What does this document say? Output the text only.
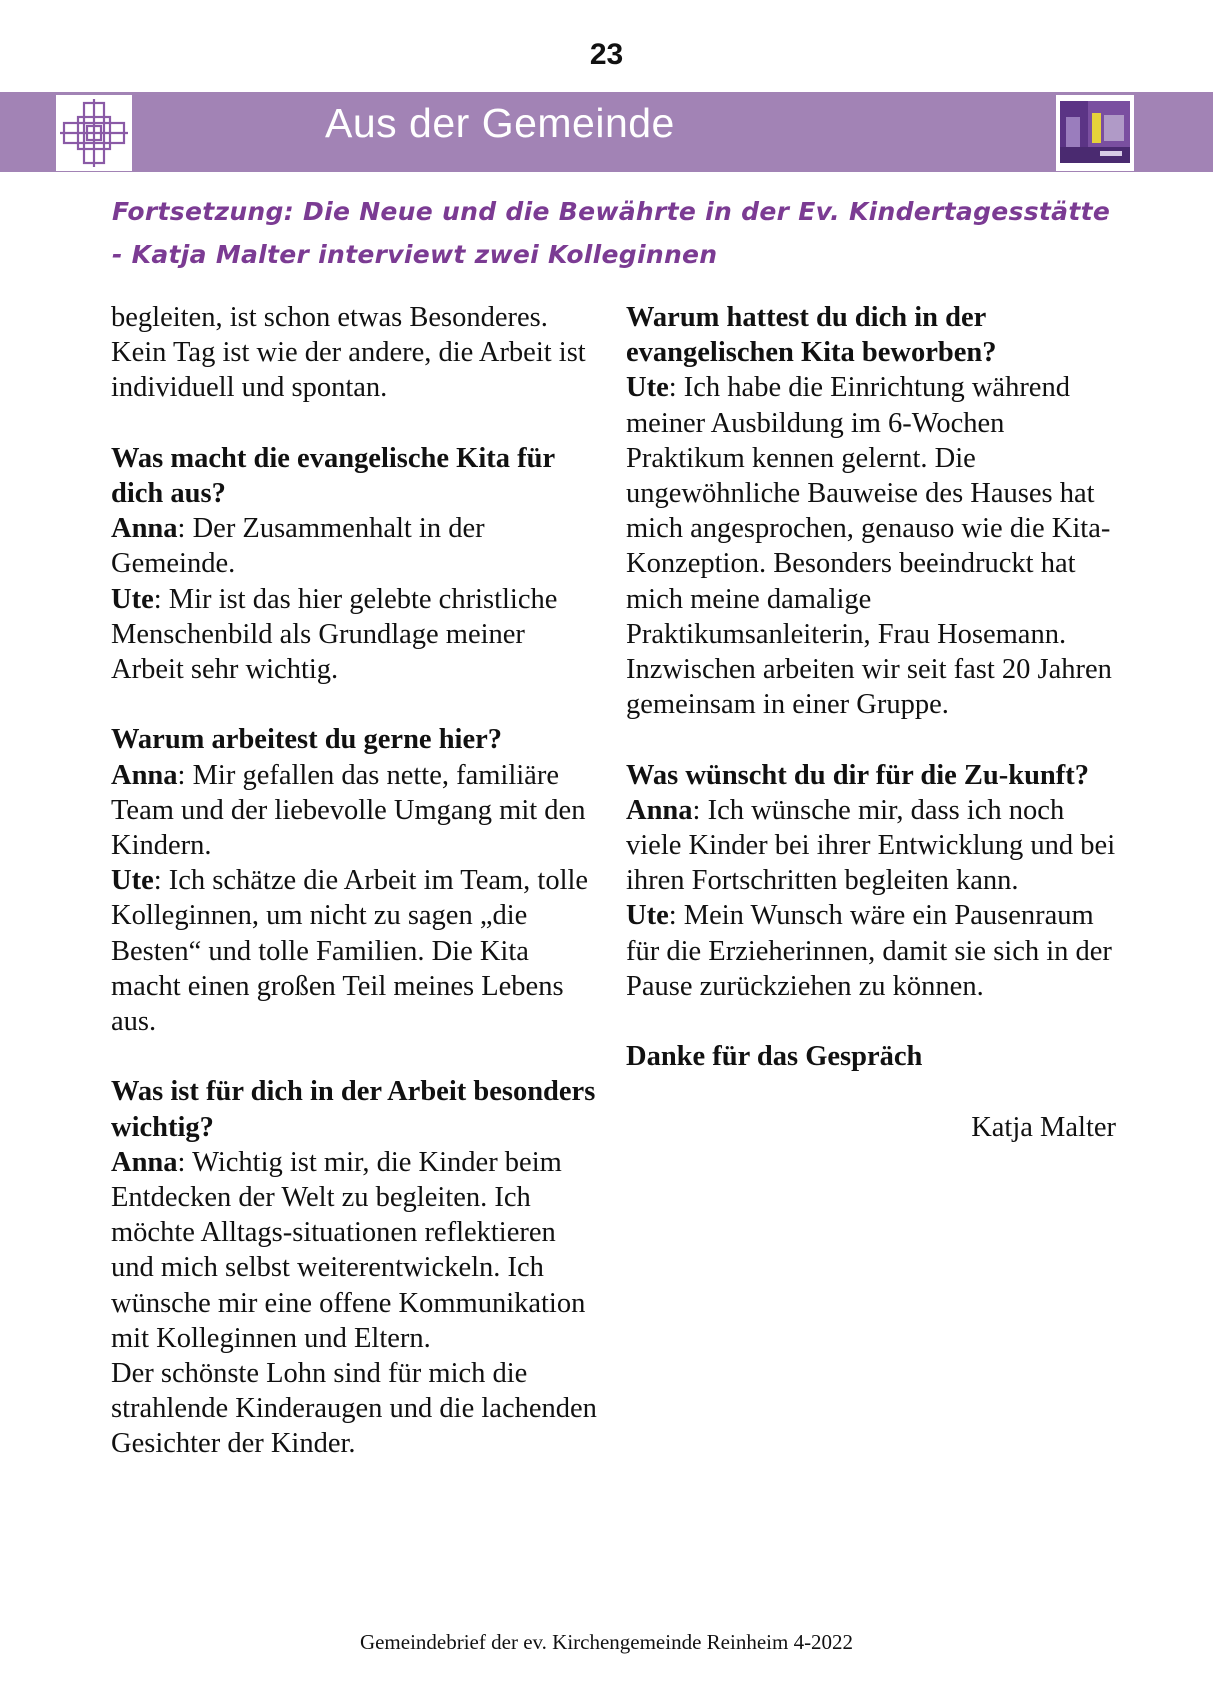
23
Aus der Gemeinde
Fortsetzung: Die Neue und die Bewährte in der Ev. Kindertagesstätte
- Katja Malter interviewt zwei Kolleginnen

begleiten, ist schon etwas Besonderes. Kein Tag ist wie der andere, die Arbeit ist individuell und spontan.

Was macht die evangelische Kita für dich aus?

Anna: Der Zusammenhalt in der Gemeinde.

Ute: Mir ist das hier gelebte christliche Menschenbild als Grundlage meiner Arbeit sehr wichtig.

Warum arbeitest du gerne hier?

Anna: Mir gefallen das nette, familiäre Team und der liebevolle Umgang mit den Kindern.

Ute: Ich schätze die Arbeit im Team, tolle Kolleginnen, um nicht zu sagen „die Besten“ und tolle Familien. Die Kita macht einen großen Teil meines Lebens aus.

Was ist für dich in der Arbeit besonders wichtig?

Anna: Wichtig ist mir, die Kinder beim Entdecken der Welt zu begleiten. Ich möchte Alltags-situationen reflektieren und mich selbst weiterentwickeln. Ich wünsche mir eine offene Kommunikation mit Kolleginnen und Eltern.

Der schönste Lohn sind für mich die strahlende Kinderaugen und die lachenden Gesichter der Kinder.

Warum hattest du dich in der evangelischen Kita beworben?

Ute: Ich habe die Einrichtung während meiner Ausbildung im 6-Wochen Praktikum kennen gelernt. Die ungewöhnliche Bauweise des Hauses hat mich angesprochen, genauso wie die Kita-Konzeption. Besonders beeindruckt hat mich meine damalige Praktikumsanleiterin, Frau Hosemann. Inzwischen arbeiten wir seit fast 20 Jahren gemeinsam in einer Gruppe.

Was wünscht du dir für die Zu-kunft?

Anna: Ich wünsche mir, dass ich noch viele Kinder bei ihrer Entwicklung und bei ihren Fortschritten begleiten kann.

Ute: Mein Wunsch wäre ein Pausenraum für die Erzieherinnen, damit sie sich in der Pause zurückziehen zu können.

Danke für das Gespräch

Katja Malter

Gemeindebrief der ev. Kirchengemeinde Reinheim 4-2022
